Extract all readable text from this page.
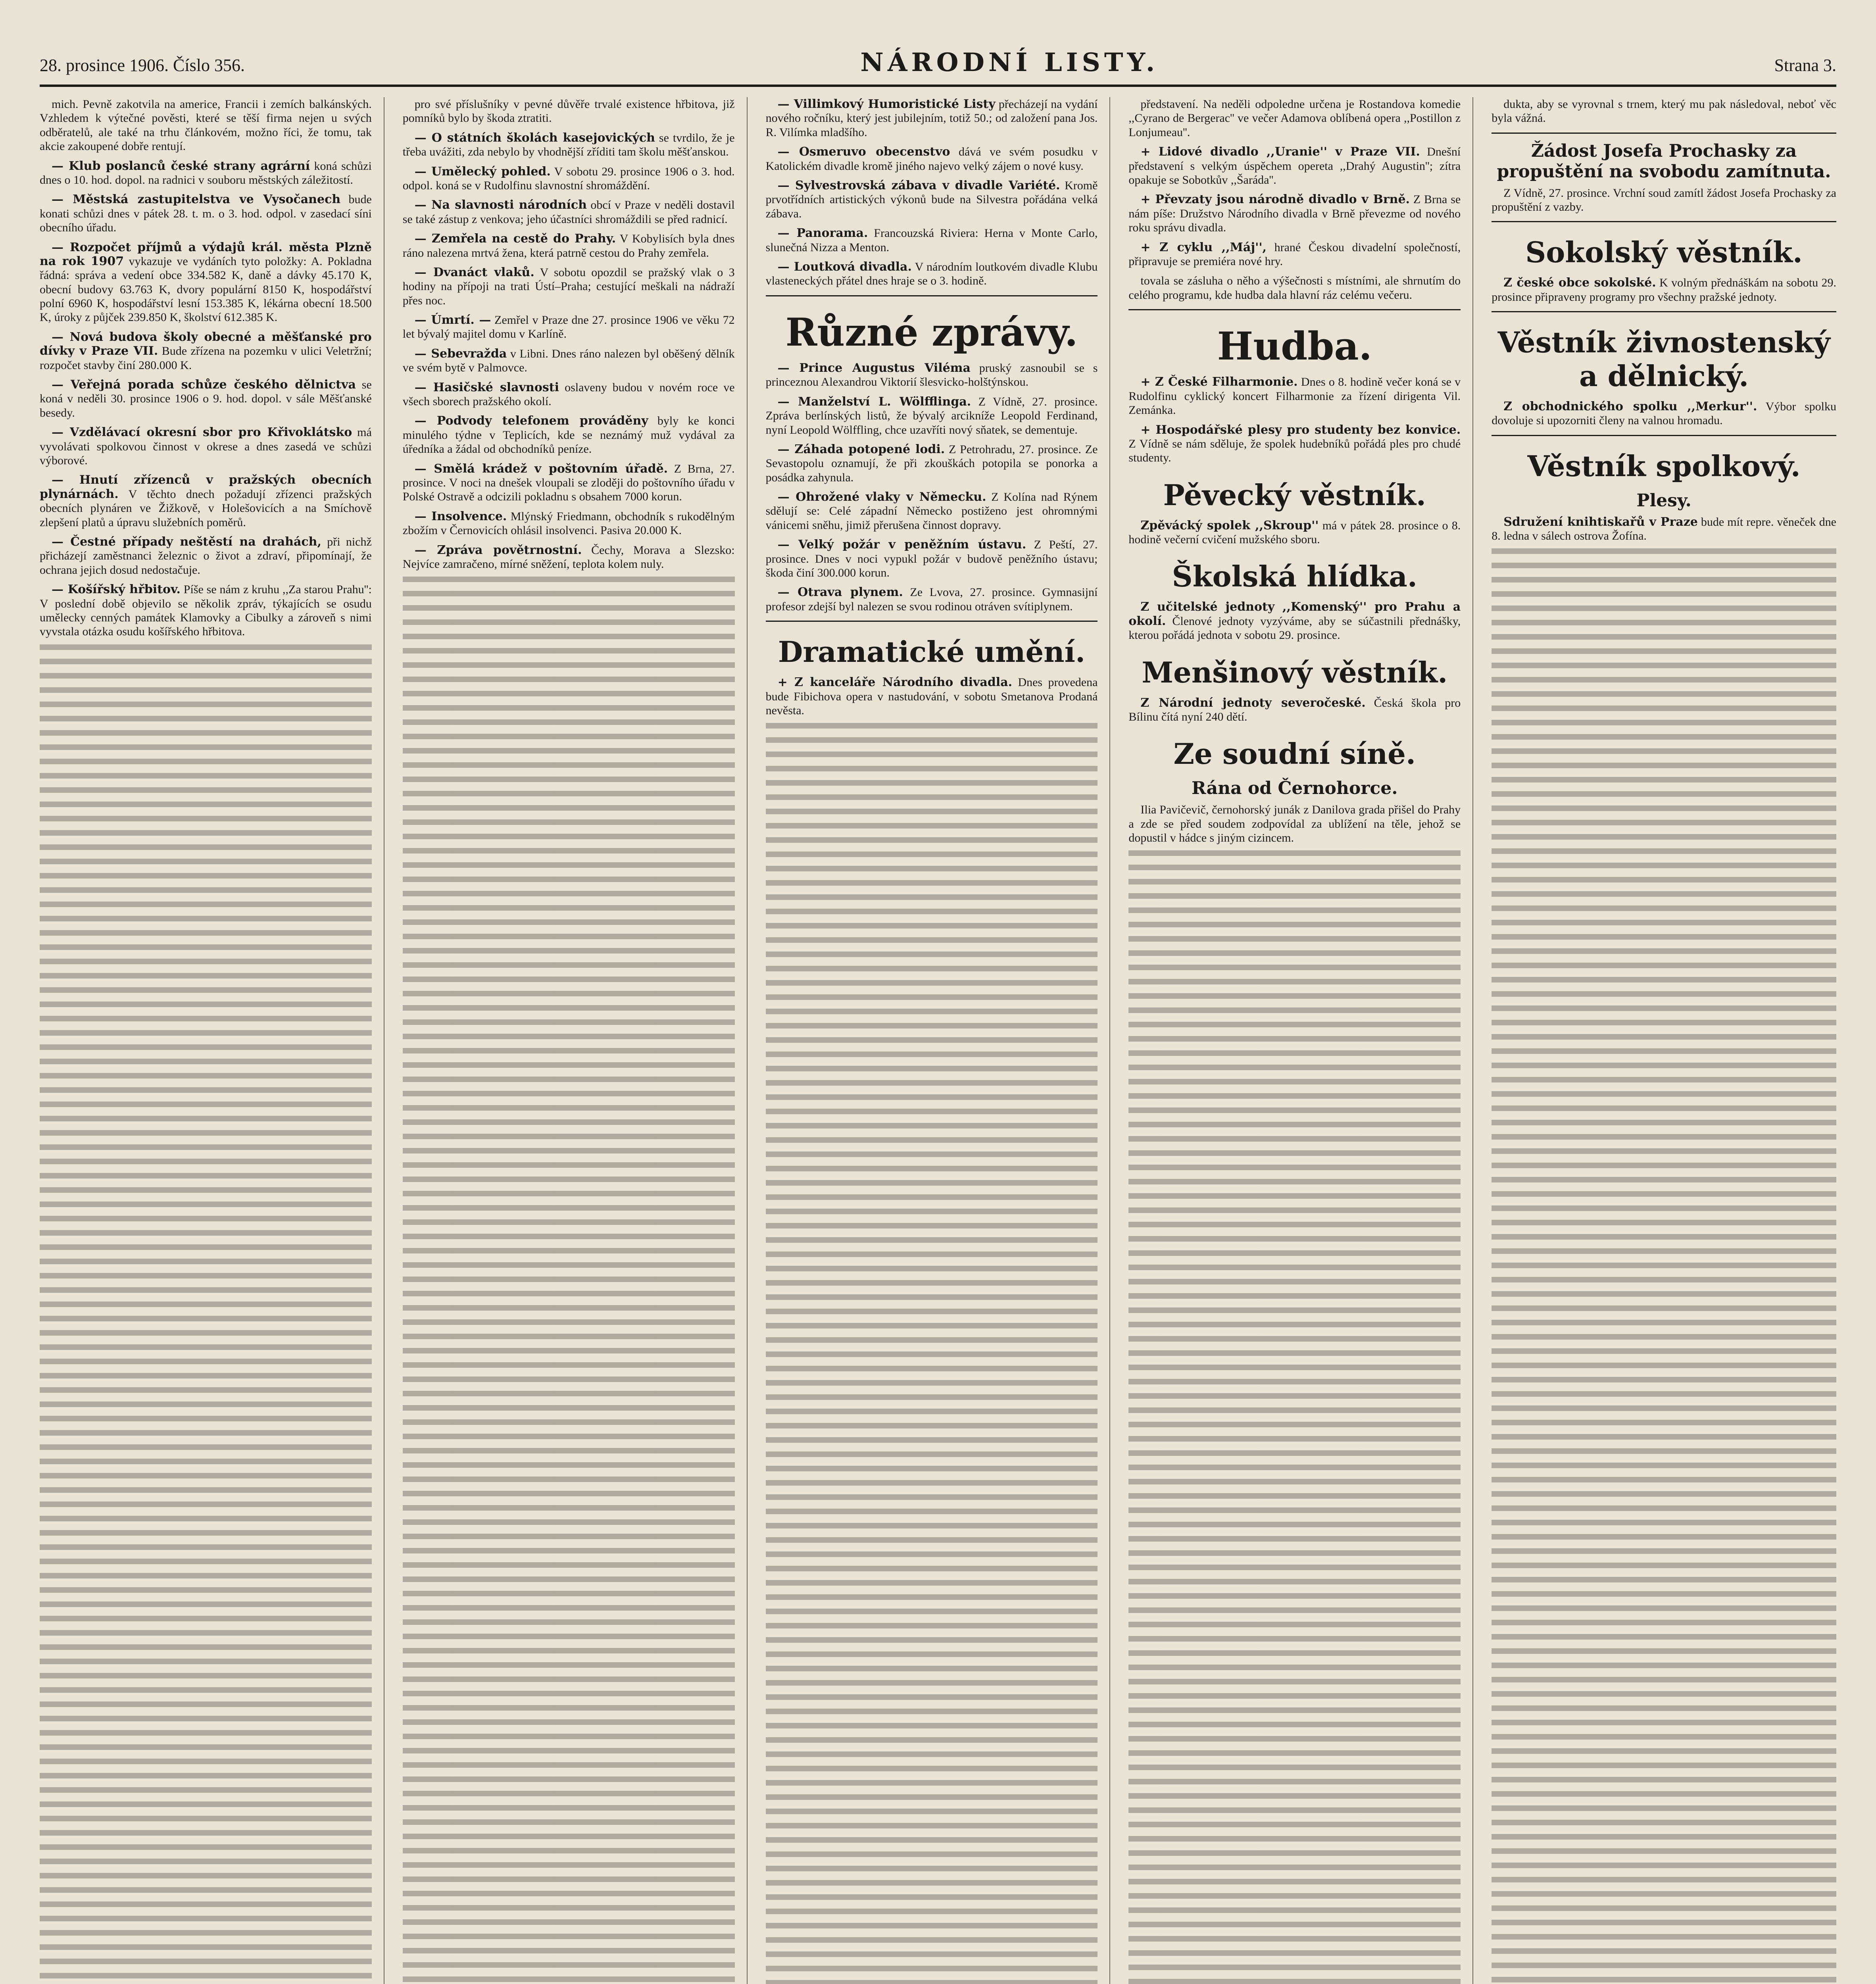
28. prosince 1906. Číslo 356.	NÁRODNÍ LISTY.	Strana 3.

mich. Pevně zakotvila na americe, Francii i zemích balkánských. Vzhledem k výtečné pověsti, které se těší firma nejen u svých odběratelů, ale také na trhu článkovém, možno říci, že tomu, tak akcie zakoupené dobře rentují.

— Klub poslanců české strany agrární koná schůzi dnes o 10. hod. dopol. na radnici v souboru městských záležitostí.

— Městská zastupitelstva ve Vysočanech bude konati schůzi dnes v pátek 28. t. m. o 3. hod. odpol. v zasedací síni obecního úřadu.

— Rozpočet příjmů a výdajů král. města Plzně na rok 1907 vykazuje ve vydáních tyto položky: A. Pokladna řádná: správa a vedení obce 334.582 K, daně a dávky 45.170 K, obecní budovy 63.763 K, dvory populární 8150 K, hospodářství polní 6960 K, hospodářství lesní 153.385 K, lékárna obecní 18.500 K, úroky z půjček 239.850 K, školství 612.385 K.

— Nová budova školy obecné a měšťanské pro dívky v Praze VII. Bude zřízena na pozemku v ulici Veletržní; rozpočet stavby činí 280.000 K.

— Veřejná porada schůze českého dělnictva se koná v neděli 30. prosince 1906 o 9. hod. dopol. v sále Měšťanské besedy.

— Vzdělávací okresní sbor pro Křivoklátsko má vyvolávati spolkovou činnost v okrese a dnes zasedá ve schůzi výborové.

— Hnutí zřízenců v pražských obecních plynárnách. V těchto dnech požadují zřízenci pražských obecních plynáren ve Žižkově, v Holešovicích a na Smíchově zlepšení platů a úpravu služebních poměrů.

— Čestné případy neštěstí na drahách, při nichž přicházejí zaměstnanci železnic o život a zdraví, připomínají, že ochrana jejich dosud nedostačuje.

— Košířský hřbitov. Píše se nám z kruhu ,,Za starou Prahu'': V poslední době objevilo se několik zpráv, týkajících se osudu umělecky cenných památek Klamovky a Cibulky a zároveň s nimi vyvstala otázka osudu košířského hřbitova.

pro své příslušníky v pevné důvěře trvalé existence hřbitova, již pomníků bylo by škoda ztratiti.

— O státních školách kasejovických se tvrdilo, že je třeba uvážiti, zda nebylo by vhodnější zříditi tam školu měšťanskou.

— Umělecký pohled. V sobotu 29. prosince 1906 o 3. hod. odpol. koná se v Rudolfinu slavnostní shromáždění.

— Na slavnosti národních obcí v Praze v neděli dostavil se také zástup z venkova; jeho účastníci shromáždili se před radnicí.

— Zemřela na cestě do Prahy. V Kobylisích byla dnes ráno nalezena mrtvá žena, která patrně cestou do Prahy zemřela.

— Dvanáct vlaků. V sobotu opozdil se pražský vlak o 3 hodiny na přípoji na trati Ústí–Praha; cestující meškali na nádraží přes noc.

— Úmrtí. — Zemřel v Praze dne 27. prosince 1906 ve věku 72 let bývalý majitel domu v Karlíně.

— Sebevražda v Libni. Dnes ráno nalezen byl oběšený dělník ve svém bytě v Palmovce.

— Hasičské slavnosti oslaveny budou v novém roce ve všech sborech pražského okolí.

— Podvody telefonem prováděny byly ke konci minulého týdne v Teplicích, kde se neznámý muž vydával za úředníka a žádal od obchodníků peníze.

— Smělá krádež v poštovním úřadě. Z Brna, 27. prosince. V noci na dnešek vloupali se zloději do poštovního úřadu v Polské Ostravě a odcizili pokladnu s obsahem 7000 korun.

— Insolvence. Mlýnský Friedmann, obchodník s rukodělným zbožím v Černovicích ohlásil insolvenci. Pasiva 20.000 K.

— Zpráva povětrnostní. Čechy, Morava a Slezsko: Nejvíce zamračeno, mírné sněžení, teplota kolem nuly.

— Villimkový Humoristické Listy přecházejí na vydání nového ročníku, který jest jubilejním, totiž 50.; od založení pana Jos. R. Vilímka mladšího.

— Osmeruvo obecenstvo dává ve svém posudku v Katolickém divadle kromě jiného najevo velký zájem o nové kusy.

— Sylvestrovská zábava v divadle Variété. Kromě prvotřídních artistických výkonů bude na Silvestra pořádána velká zábava.

— Panorama. Francouzská Riviera: Herna v Monte Carlo, slunečná Nizza a Menton.

— Loutková divadla. V národním loutkovém divadle Klubu vlasteneckých přátel dnes hraje se o 3. hodině.

Různé zprávy.

— Prince Augustus Viléma pruský zasnoubil se s princeznou Alexandrou Viktorií šlesvicko-holštýnskou.

— Manželství L. Wölfflinga. Z Vídně, 27. prosince. Zpráva berlínských listů, že bývalý arcikníže Leopold Ferdinand, nyní Leopold Wölffling, chce uzavříti nový sňatek, se dementuje.

— Záhada potopené lodi. Z Petrohradu, 27. prosince. Ze Sevastopolu oznamují, že při zkouškách potopila se ponorka a posádka zahynula.

— Ohrožené vlaky v Německu. Z Kolína nad Rýnem sdělují se: Celé západní Německo postiženo jest ohromnými vánicemi sněhu, jimiž přerušena činnost dopravy.

— Velký požár v peněžním ústavu. Z Peští, 27. prosince. Dnes v noci vypukl požár v budově peněžního ústavu; škoda činí 300.000 korun.

— Otrava plynem. Ze Lvova, 27. prosince. Gymnasijní profesor zdejší byl nalezen se svou rodinou otráven svítiplynem.

Dramatické umění.

+ Z kanceláře Národního divadla. Dnes provedena bude Fibichova opera v nastudování, v sobotu Smetanova Prodaná nevěsta.

představení. Na neděli odpoledne určena je Rostandova komedie ,,Cyrano de Bergerac'' ve večer Adamova oblíbená opera ,,Postillon z Lonjumeau''.

+ Lidové divadlo ,,Uranie'' v Praze VII. Dnešní představení s velkým úspěchem opereta ,,Drahý Augustin''; zítra opakuje se Sobotkův ,,Šaráda''.

+ Převzaty jsou národně divadlo v Brně. Z Brna se nám píše: Družstvo Národního divadla v Brně převezme od nového roku správu divadla.

+ Z cyklu ,,Máj'', hrané Českou divadelní společností, připravuje se premiéra nové hry.

tovala se zásluha o něho a výšečnosti s místními, ale shrnutím do celého programu, kde hudba dala hlavní ráz celému večeru.

Hudba.

+ Z České Filharmonie. Dnes o 8. hodině večer koná se v Rudolfinu cyklický koncert Filharmonie za řízení dirigenta Vil. Zemánka.

+ Hospodářské plesy pro studenty bez konvice. Z Vídně se nám sděluje, že spolek hudebníků pořádá ples pro chudé studenty.

Pěvecký věstník.

Zpěvácký spolek ,,Skroup'' má v pátek 28. prosince o 8. hodině večerní cvičení mužského sboru.

Školská hlídka.

Z učitelské jednoty ,,Komenský'' pro Prahu a okolí. Členové jednoty vyzýváme, aby se súčastnili přednášky, kterou pořádá jednota v sobotu 29. prosince.

Menšinový věstník.

Z Národní jednoty severočeské. Česká škola pro Bílinu čítá nyní 240 dětí.

Ze soudní síně.
Rána od Černohorce.

Ilia Pavičevič, černohorský junák z Danilova grada přišel do Prahy a zde se před soudem zodpovídal za ublížení na těle, jehož se dopustil v hádce s jiným cizincem.

dukta, aby se vyrovnal s trnem, který mu pak následoval, neboť věc byla vážná.

Žádost Josefa Prochasky za propuštění na svobodu zamítnuta.

Z Vídně, 27. prosince. Vrchní soud zamítl žádost Josefa Prochasky za propuštění z vazby.

Sokolský věstník.

Z české obce sokolské. K volným přednáškám na sobotu 29. prosince připraveny programy pro všechny pražské jednoty.

Věstník živnostenský a dělnický.

Z obchodnického spolku ,,Merkur''. Výbor spolku dovoluje si upozorniti členy na valnou hromadu.

Věstník spolkový.
Plesy.

Sdružení knihtiskařů v Praze bude mít repre. věneček dne 8. ledna v sálech ostrova Žofína.
